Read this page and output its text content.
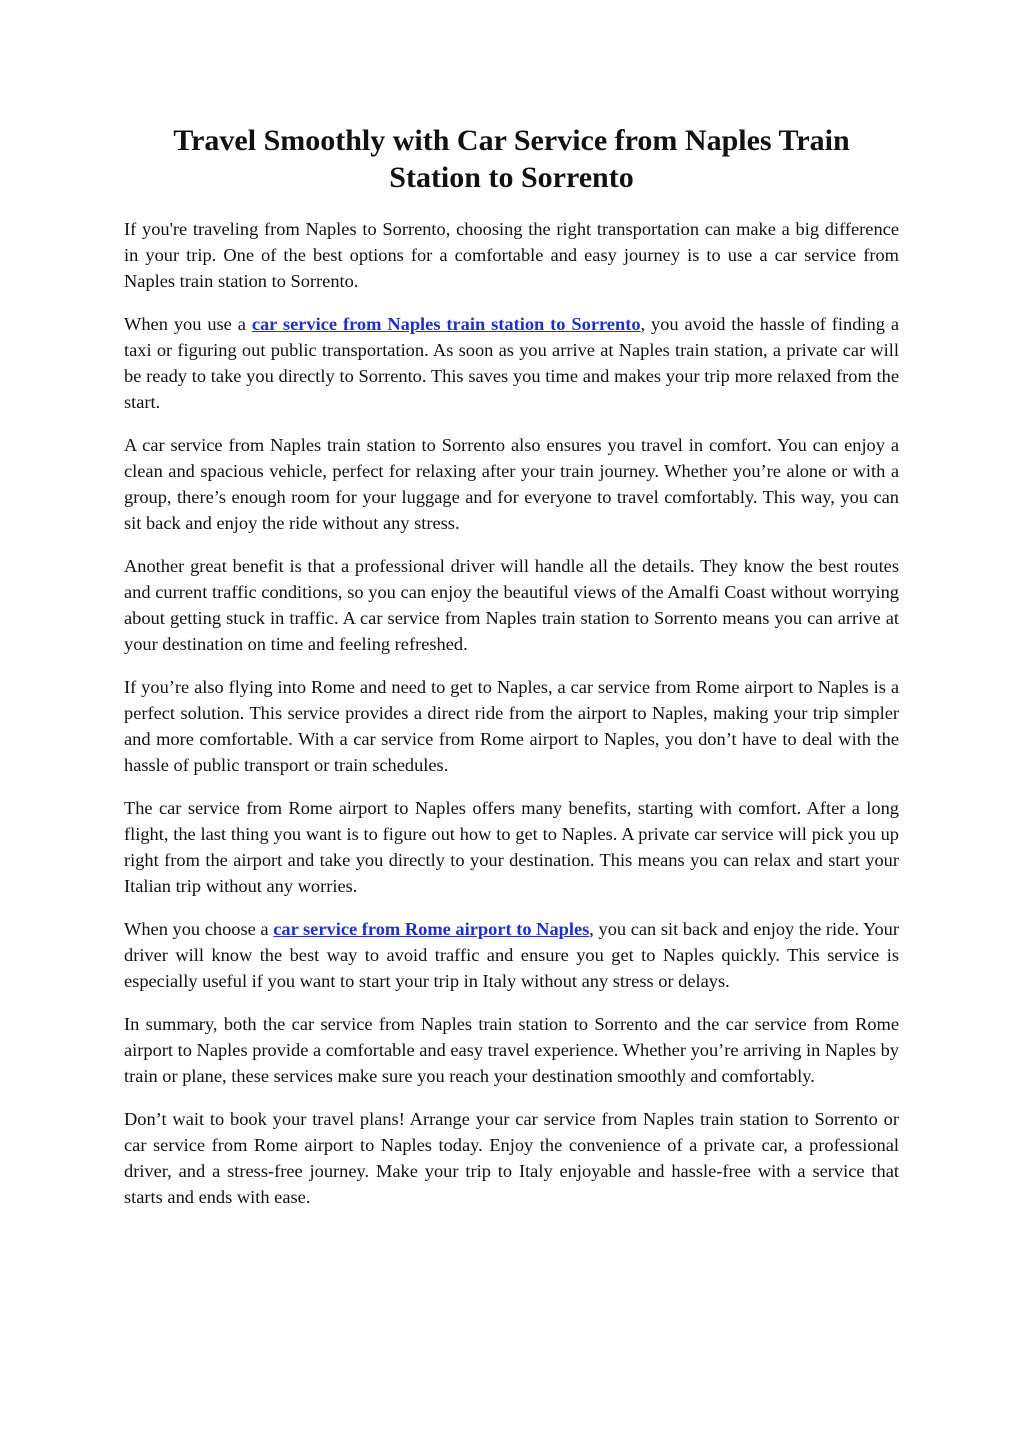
Travel Smoothly with Car Service from Naples Train Station to Sorrento

If you're traveling from Naples to Sorrento, choosing the right transportation can make a big difference in your trip. One of the best options for a comfortable and easy journey is to use a car service from Naples train station to Sorrento.

When you use a car service from Naples train station to Sorrento, you avoid the hassle of finding a taxi or figuring out public transportation. As soon as you arrive at Naples train station, a private car will be ready to take you directly to Sorrento. This saves you time and makes your trip more relaxed from the start.

A car service from Naples train station to Sorrento also ensures you travel in comfort. You can enjoy a clean and spacious vehicle, perfect for relaxing after your train journey. Whether you’re alone or with a group, there’s enough room for your luggage and for everyone to travel comfortably. This way, you can sit back and enjoy the ride without any stress.

Another great benefit is that a professional driver will handle all the details. They know the best routes and current traffic conditions, so you can enjoy the beautiful views of the Amalfi Coast without worrying about getting stuck in traffic. A car service from Naples train station to Sorrento means you can arrive at your destination on time and feeling refreshed.

If you’re also flying into Rome and need to get to Naples, a car service from Rome airport to Naples is a perfect solution. This service provides a direct ride from the airport to Naples, making your trip simpler and more comfortable. With a car service from Rome airport to Naples, you don’t have to deal with the hassle of public transport or train schedules.

The car service from Rome airport to Naples offers many benefits, starting with comfort. After a long flight, the last thing you want is to figure out how to get to Naples. A private car service will pick you up right from the airport and take you directly to your destination. This means you can relax and start your Italian trip without any worries.

When you choose a car service from Rome airport to Naples, you can sit back and enjoy the ride. Your driver will know the best way to avoid traffic and ensure you get to Naples quickly. This service is especially useful if you want to start your trip in Italy without any stress or delays.

In summary, both the car service from Naples train station to Sorrento and the car service from Rome airport to Naples provide a comfortable and easy travel experience. Whether you’re arriving in Naples by train or plane, these services make sure you reach your destination smoothly and comfortably.

Don’t wait to book your travel plans! Arrange your car service from Naples train station to Sorrento or car service from Rome airport to Naples today. Enjoy the convenience of a private car, a professional driver, and a stress-free journey. Make your trip to Italy enjoyable and hassle-free with a service that starts and ends with ease.
